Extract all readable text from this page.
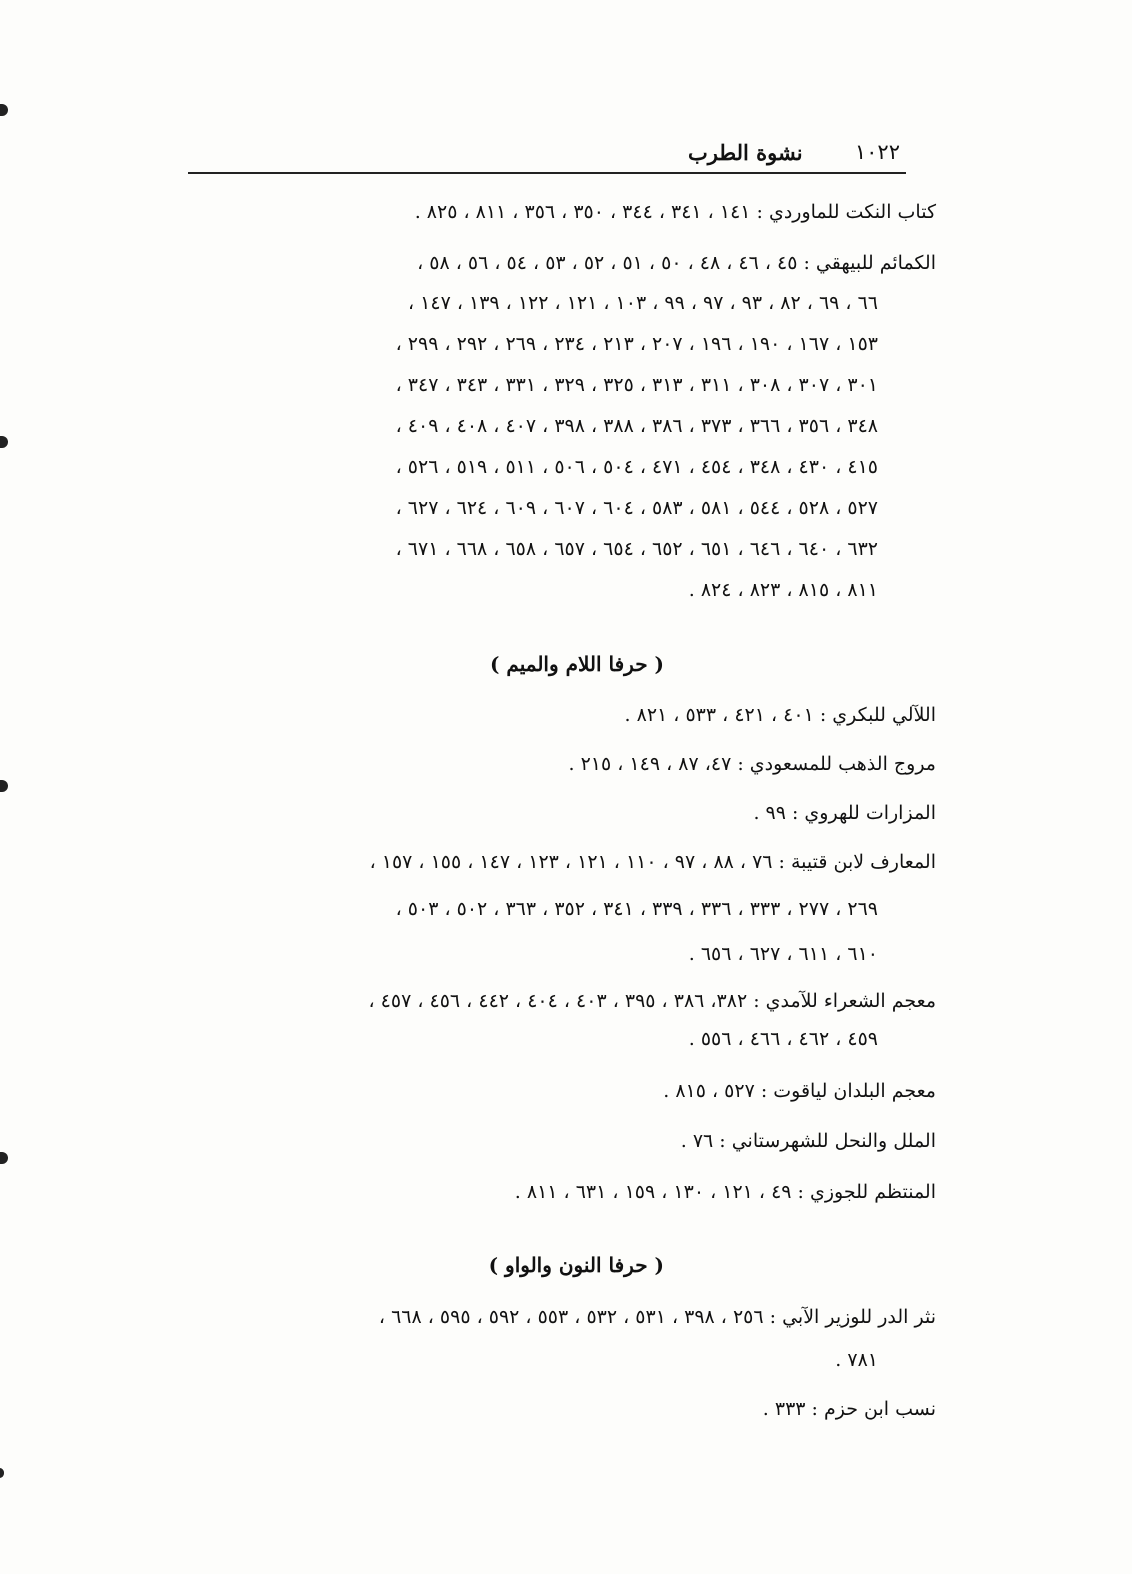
نشوة الطرب ١٠٢٢
كتاب النكت للماوردي : ١٤١ ، ٣٤١ ، ٣٤٤ ، ٣٥٠ ، ٣٥٦ ، ٨١١ ، ٨٢٥ .
الكمائم للبيهقي : ٤٥ ، ٤٦ ، ٤٨ ، ٥٠ ، ٥١ ، ٥٢ ، ٥٣ ، ٥٤ ، ٥٦ ، ٥٨ ،
٦٦ ، ٦٩ ، ٨٢ ، ٩٣ ، ٩٧ ، ٩٩ ، ١٠٣ ، ١٢١ ، ١٢٢ ، ١٣٩ ، ١٤٧ ،
١٥٣ ، ١٦٧ ، ١٩٠ ، ١٩٦ ، ٢٠٧ ، ٢١٣ ، ٢٣٤ ، ٢٦٩ ، ٢٩٢ ، ٢٩٩ ،
٣٠١ ، ٣٠٧ ، ٣٠٨ ، ٣١١ ، ٣١٣ ، ٣٢٥ ، ٣٢٩ ، ٣٣١ ، ٣٤٣ ، ٣٤٧ ،
٣٤٨ ، ٣٥٦ ، ٣٦٦ ، ٣٧٣ ، ٣٨٦ ، ٣٨٨ ، ٣٩٨ ، ٤٠٧ ، ٤٠٨ ، ٤٠٩ ،
٤١٥ ، ٤٣٠ ، ٣٤٨ ، ٤٥٤ ، ٤٧١ ، ٥٠٤ ، ٥٠٦ ، ٥١١ ، ٥١٩ ، ٥٢٦ ،
٥٢٧ ، ٥٢٨ ، ٥٤٤ ، ٥٨١ ، ٥٨٣ ، ٦٠٤ ، ٦٠٧ ، ٦٠٩ ، ٦٢٤ ، ٦٢٧ ،
٦٣٢ ، ٦٤٠ ، ٦٤٦ ، ٦٥١ ، ٦٥٢ ، ٦٥٤ ، ٦٥٧ ، ٦٥٨ ، ٦٦٨ ، ٦٧١ ،
٨١١ ، ٨١٥ ، ٨٢٣ ، ٨٢٤ .
( حرفا اللام والميم )
اللآلي للبكري : ٤٠١ ، ٤٢١ ، ٥٣٣ ، ٨٢١ .
مروج الذهب للمسعودي : ٤٧، ٨٧ ، ١٤٩ ، ٢١٥ .
المزارات للهروي : ٩٩ .
المعارف لابن قتيبة : ٧٦ ، ٨٨ ، ٩٧ ، ١١٠ ، ١٢١ ، ١٢٣ ، ١٤٧ ، ١٥٥ ، ١٥٧ ،
٢٦٩ ، ٢٧٧ ، ٣٣٣ ، ٣٣٦ ، ٣٣٩ ، ٣٤١ ، ٣٥٢ ، ٣٦٣ ، ٥٠٢ ، ٥٠٣ ،
٦١٠ ، ٦١١ ، ٦٢٧ ، ٦٥٦ .
معجم الشعراء للآمدي : ٣٨٢، ٣٨٦ ، ٣٩٥ ، ٤٠٣ ، ٤٠٤ ، ٤٤٢ ، ٤٥٦ ، ٤٥٧ ،
٤٥٩ ، ٤٦٢ ، ٤٦٦ ، ٥٥٦ .
معجم البلدان لياقوت : ٥٢٧ ، ٨١٥ .
الملل والنحل للشهرستاني : ٧٦ .
المنتظم للجوزي : ٤٩ ، ١٢١ ، ١٣٠ ، ١٥٩ ، ٦٣١ ، ٨١١ .
( حرفا النون والواو )
نثر الدر للوزير الآبي : ٢٥٦ ، ٣٩٨ ، ٥٣١ ، ٥٣٢ ، ٥٥٣ ، ٥٩٢ ، ٥٩٥ ، ٦٦٨ ،
٧٨١ .
نسب ابن حزم : ٣٣٣ .
